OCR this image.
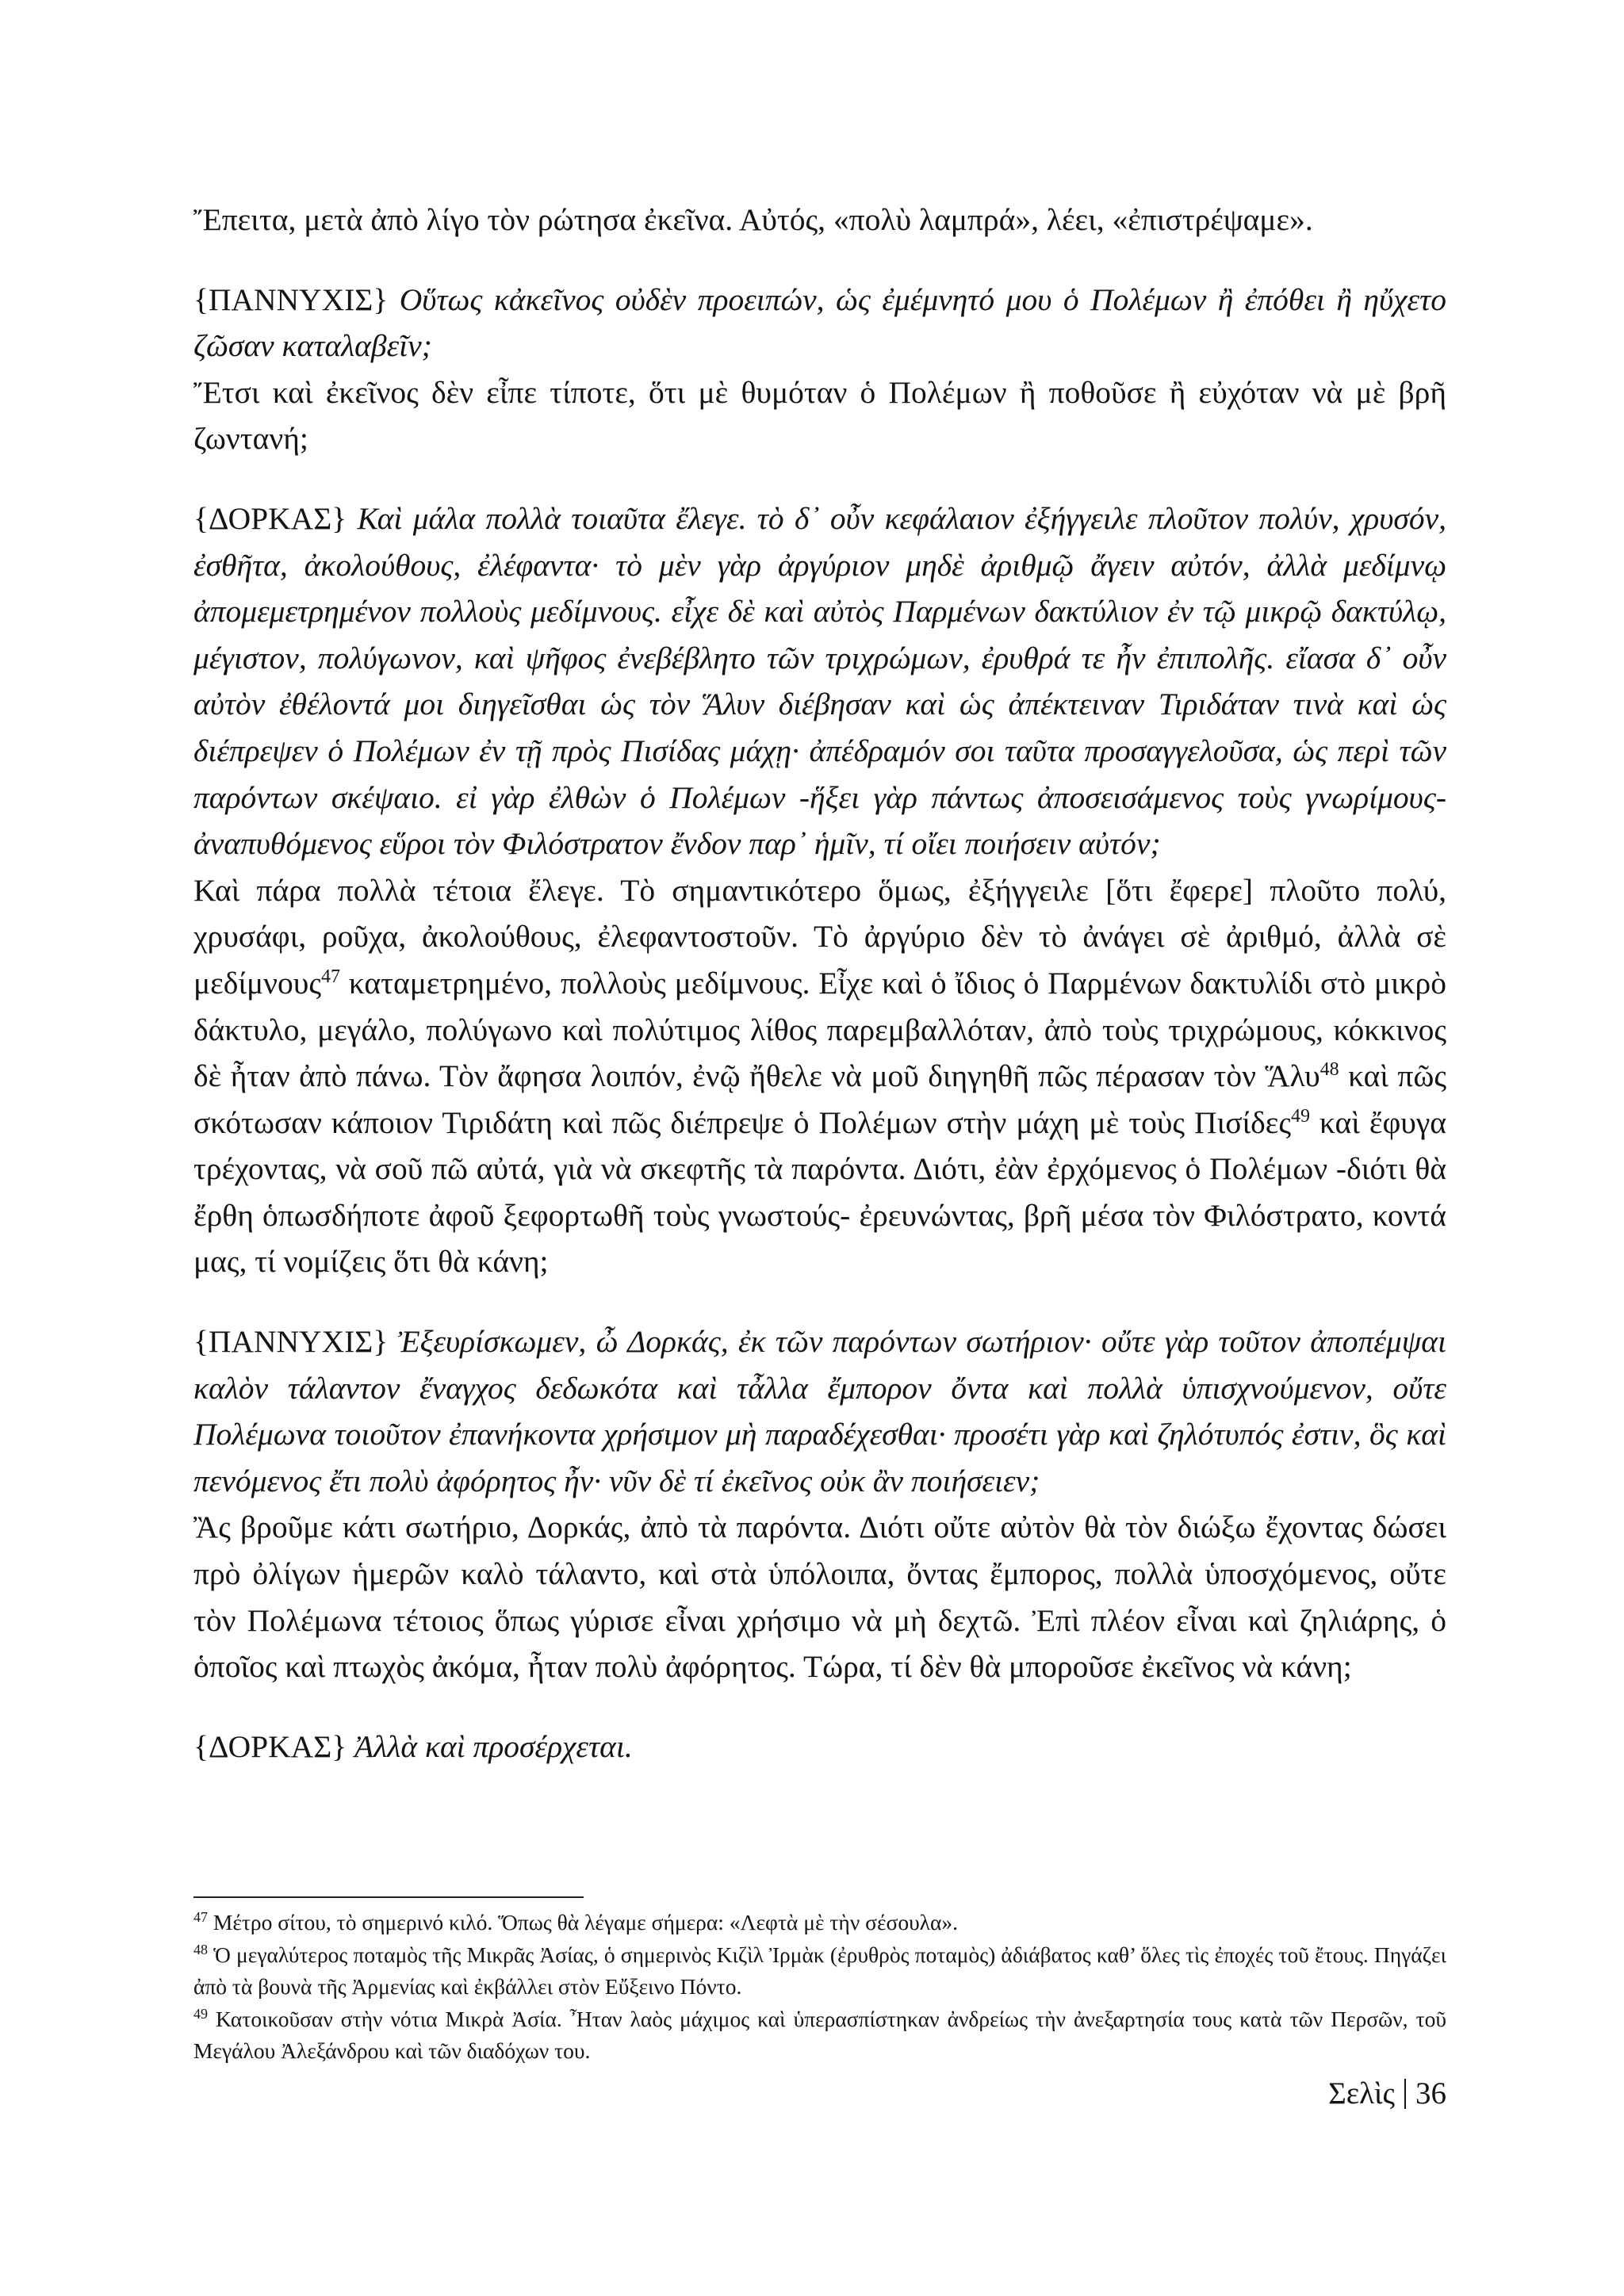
Ἔπειτα, μετὰ ἀπὸ λίγο τὸν ρώτησα ἐκεῖνα. Αὐτός, «πολὺ λαμπρά», λέει, «ἐπιστρέψαμε».

{ΠΑΝΝΥΧΙΣ} Οὕτως κἀκεῖνος οὐδὲν προειπών, ὡς ἐμέμνητό μου ὁ Πολέμων ἢ ἐπόθει ἢ ηὔχετο ζῶσαν καταλαβεῖν;

Ἔτσι καὶ ἐκεῖνος δὲν εἶπε τίποτε, ὅτι μὲ θυμόταν ὁ Πολέμων ἢ ποθοῦσε ἢ εὐχόταν νὰ μὲ βρῆ ζωντανή;

{ΔΟΡΚΑΣ} Καὶ μάλα πολλὰ τοιαῦτα ἔλεγε. τὸ δ᾽ οὖν κεφάλαιον ἐξήγγειλε πλοῦτον πολύν, χρυσόν, ἐσθῆτα, ἀκολούθους, ἐλέφαντα· τὸ μὲν γὰρ ἀργύριον μηδὲ ἀριθμῷ ἄγειν αὐτόν, ἀλλὰ μεδίμνῳ ἀπομεμετρημένον πολλοὺς μεδίμνους. εἶχε δὲ καὶ αὐτὸς Παρμένων δακτύλιον ἐν τῷ μικρῷ δακτύλῳ, μέγιστον, πολύγωνον, καὶ ψῆφος ἐνεβέβλητο τῶν τριχρώμων, ἐρυθρά τε ἦν ἐπιπολῆς. εἴασα δ᾽ οὖν αὐτὸν ἐθέλοντά μοι διηγεῖσθαι ὡς τὸν Ἅλυν διέβησαν καὶ ὡς ἀπέκτειναν Τιριδάταν τινὰ καὶ ὡς διέπρεψεν ὁ Πολέμων ἐν τῇ πρὸς Πισίδας μάχῃ· ἀπέδραμόν σοι ταῦτα προσαγγελοῦσα, ὡς περὶ τῶν παρόντων σκέψαιο. εἰ γὰρ ἐλθὼν ὁ Πολέμων -ἥξει γὰρ πάντως ἀποσεισάμενος τοὺς γνωρίμους- ἀναπυθόμενος εὕροι τὸν Φιλόστρατον ἔνδον παρ᾽ ἡμῖν, τί οἴει ποιήσειν αὐτόν;

Καὶ πάρα πολλὰ τέτοια ἔλεγε. Τὸ σημαντικότερο ὅμως, ἐξήγγειλε [ὅτι ἔφερε] πλοῦτο πολύ, χρυσάφι, ροῦχα, ἀκολούθους, ἐλεφαντοστοῦν. Τὸ ἀργύριο δὲν τὸ ἀνάγει σὲ ἀριθμό, ἀλλὰ σὲ μεδίμνους$^{47}$ καταμετρημένο, πολλοὺς μεδίμνους. Εἶχε καὶ ὁ ἴδιος ὁ Παρμένων δακτυλίδι στὸ μικρὸ δάκτυλο, μεγάλο, πολύγωνο καὶ πολύτιμος λίθος παρεμβαλλόταν, ἀπὸ τοὺς τριχρώμους, κόκκινος δὲ ἦταν ἀπὸ πάνω. Τὸν ἄφησα λοιπόν, ἐνῷ ἤθελε νὰ μοῦ διηγηθῆ πῶς πέρασαν τὸν Ἅλυ$^{48}$ καὶ πῶς σκότωσαν κάποιον Τιριδάτη καὶ πῶς διέπρεψε ὁ Πολέμων στὴν μάχη μὲ τοὺς Πισίδες$^{49}$ καὶ ἔφυγα τρέχοντας, νὰ σοῦ πῶ αὐτά, γιὰ νὰ σκεφτῆς τὰ παρόντα. Διότι, ἐὰν ἐρχόμενος ὁ Πολέμων -διότι θὰ ἔρθη ὁπωσδήποτε ἀφοῦ ξεφορτωθῆ τοὺς γνωστούς- ἐρευνώντας, βρῆ μέσα τὸν Φιλόστρατο, κοντά μας, τί νομίζεις ὅτι θὰ κάνη;

{ΠΑΝΝΥΧΙΣ} Ἐξευρίσκωμεν, ὦ Δορκάς, ἐκ τῶν παρόντων σωτήριον· οὔτε γὰρ τοῦτον ἀποπέμψαι καλὸν τάλαντον ἔναγχος δεδωκότα καὶ τἆλλα ἔμπορον ὄντα καὶ πολλὰ ὑπισχνούμενον, οὔτε Πολέμωνα τοιοῦτον ἐπανήκοντα χρήσιμον μὴ παραδέχεσθαι· προσέτι γὰρ καὶ ζηλότυπός ἐστιν, ὃς καὶ πενόμενος ἔτι πολὺ ἀφόρητος ἦν· νῦν δὲ τί ἐκεῖνος οὐκ ἂν ποιήσειεν;

Ἂς βροῦμε κάτι σωτήριο, Δορκάς, ἀπὸ τὰ παρόντα. Διότι οὔτε αὐτὸν θὰ τὸν διώξω ἔχοντας δώσει πρὸ ὀλίγων ἡμερῶν καλὸ τάλαντο, καὶ στὰ ὑπόλοιπα, ὄντας ἔμπορος, πολλὰ ὑποσχόμενος, οὔτε τὸν Πολέμωνα τέτοιος ὅπως γύρισε εἶναι χρήσιμο νὰ μὴ δεχτῶ. Ἐπὶ πλέον εἶναι καὶ ζηλιάρης, ὁ ὁποῖος καὶ πτωχὸς ἀκόμα, ἦταν πολὺ ἀφόρητος. Τώρα, τί δὲν θὰ μποροῦσε ἐκεῖνος νὰ κάνη;

{ΔΟΡΚΑΣ} Ἀλλὰ καὶ προσέρχεται.

$^{47}$ Μέτρο σίτου, τὸ σημερινό κιλό. Ὅπως θὰ λέγαμε σήμερα: «Λεφτὰ μὲ τὴν σέσουλα».

$^{48}$ Ὁ μεγαλύτερος ποταμὸς τῆς Μικρᾶς Ἀσίας, ὁ σημερινὸς Κιζὶλ Ἰρμὰκ (ἐρυθρὸς ποταμὸς) ἀδιάβατος καθ’ ὅλες τὶς ἐποχές τοῦ ἔτους. Πηγάζει ἀπὸ τὰ βουνὰ τῆς Ἀρμενίας καὶ ἐκβάλλει στὸν Εὔξεινο Πόντο.

$^{49}$ Κατοικοῦσαν στὴν νότια Μικρὰ Ἀσία. Ἦταν λαὸς μάχιμος καὶ ὑπερασπίστηκαν ἀνδρείως τὴν ἀνεξαρτησία τους κατὰ τῶν Περσῶν, τοῦ Μεγάλου Ἀλεξάνδρου καὶ τῶν διαδόχων του.

Σελὶς 36
